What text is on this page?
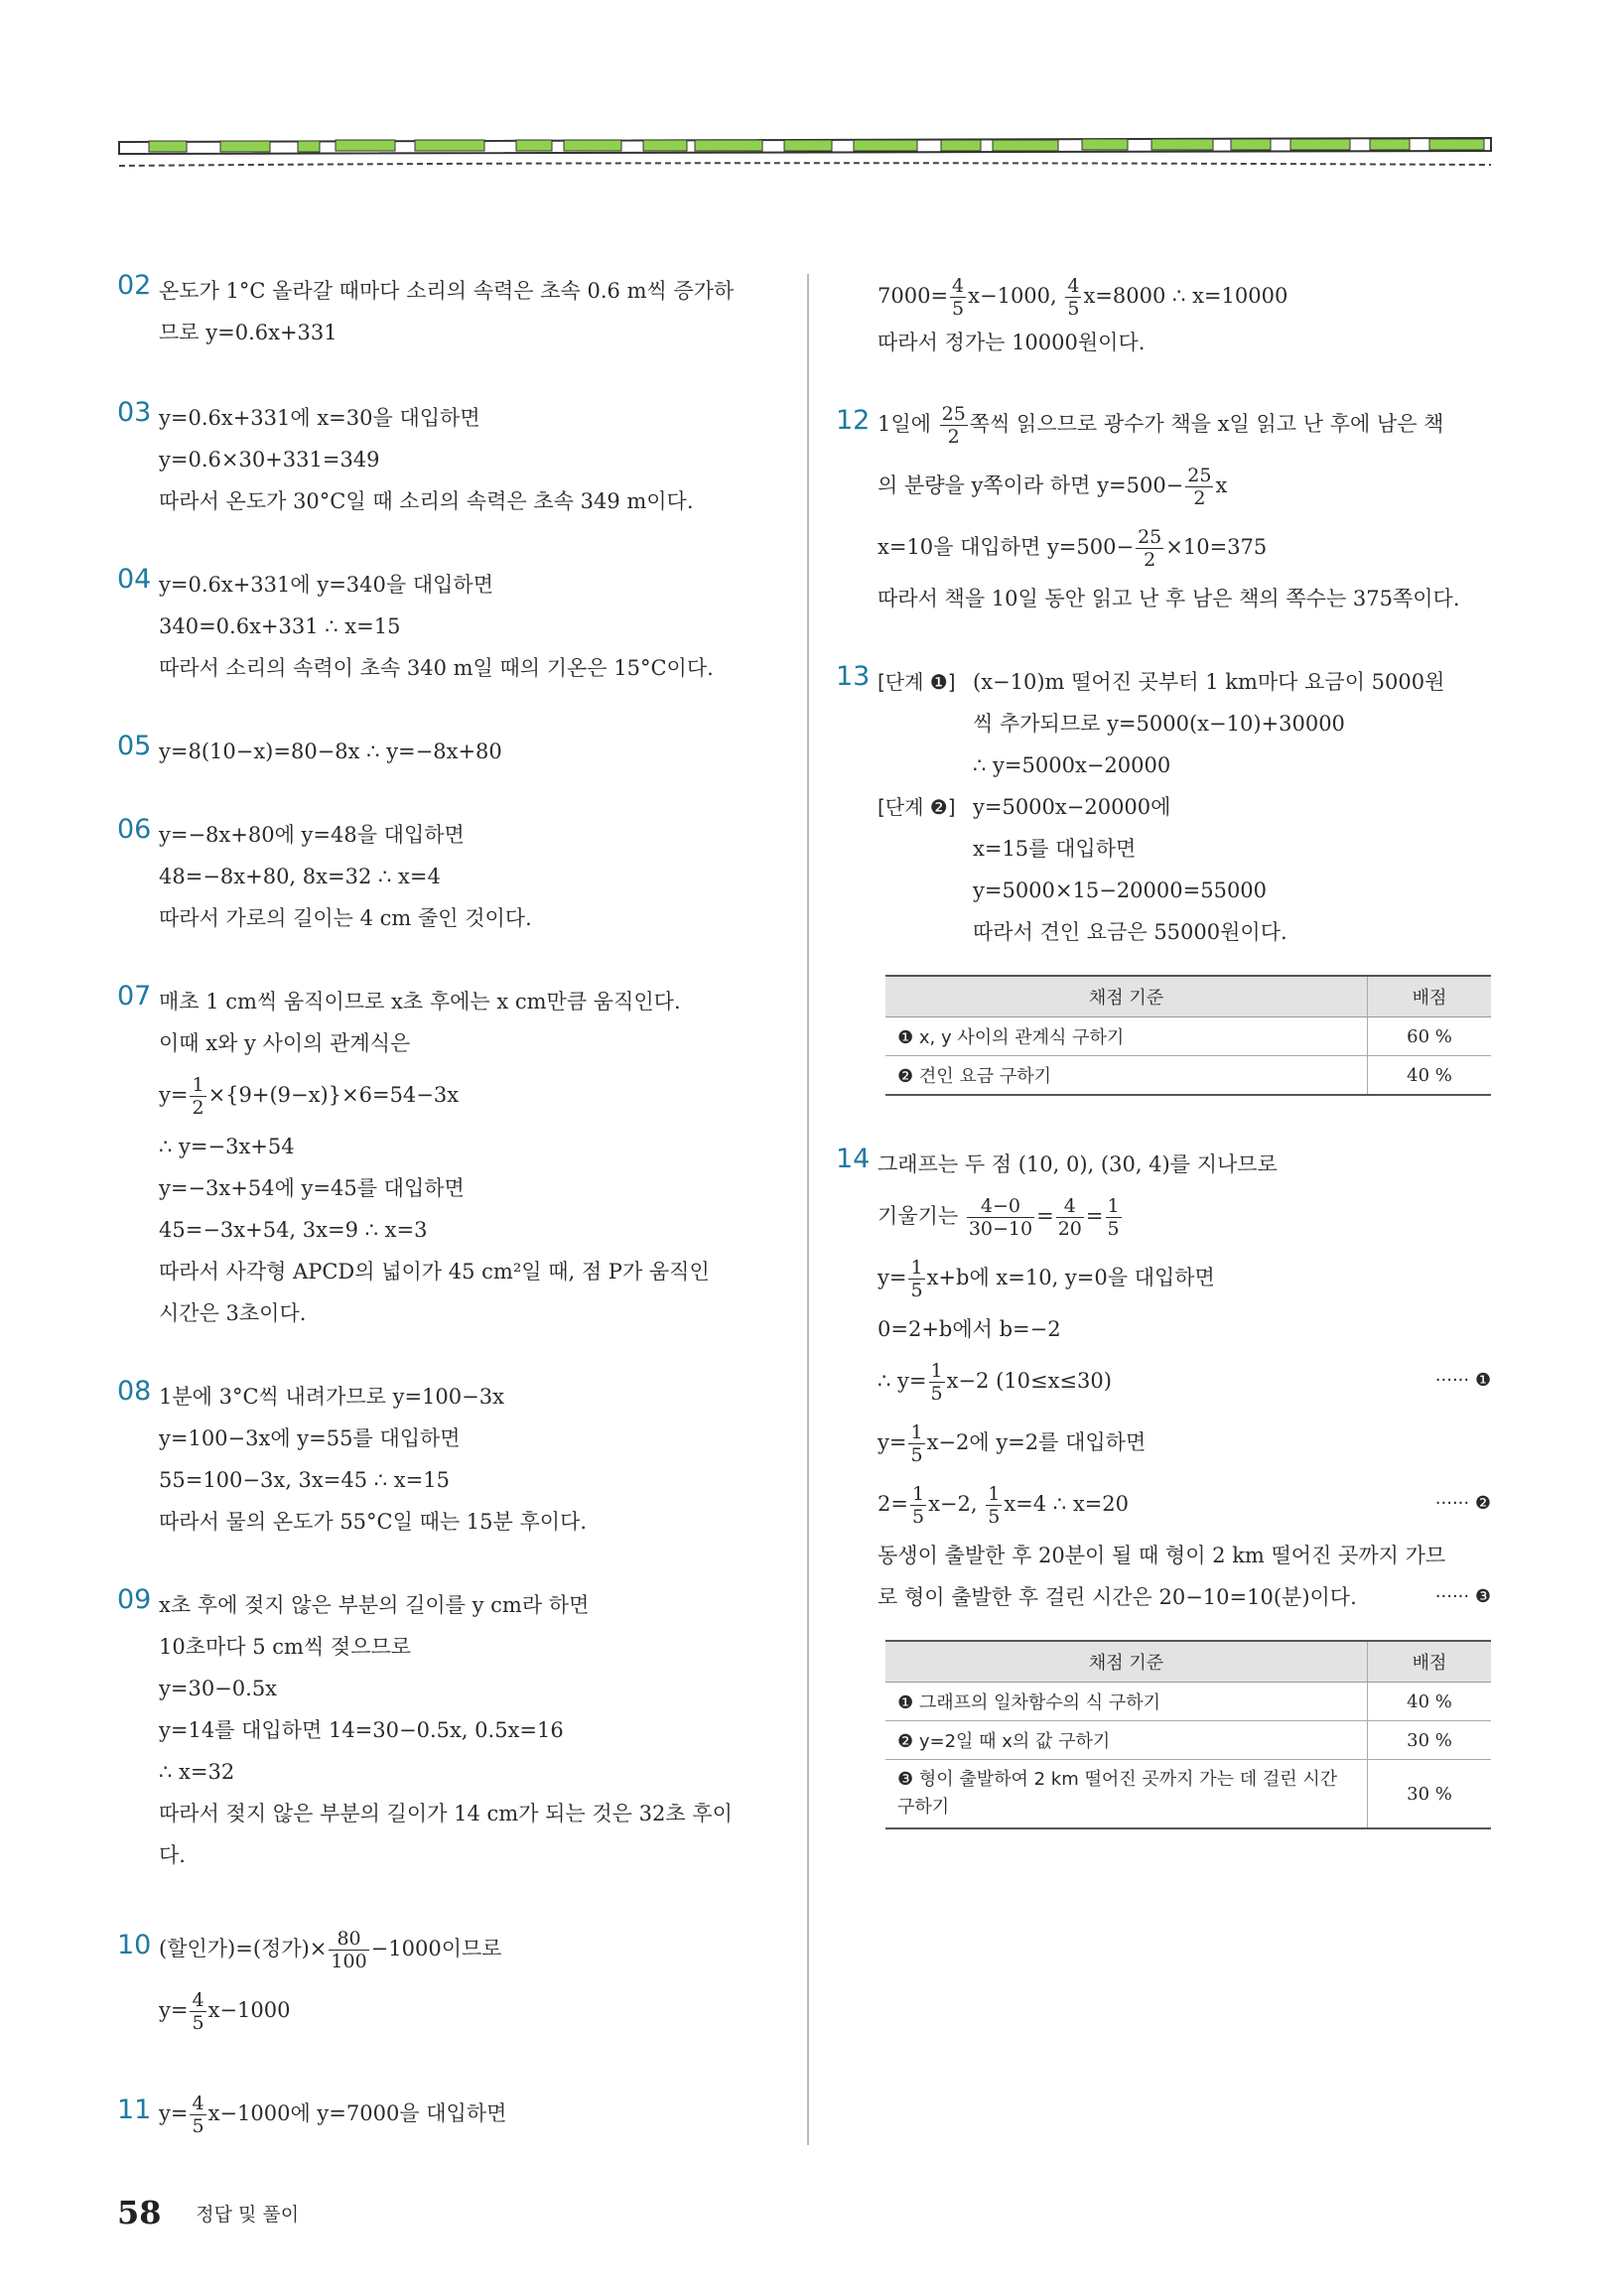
02 온도가 1°C 올라갈 때마다 소리의 속력은 초속 0.6 m씩 증가하
므로 y=0.6x+331
03 y=0.6x+331에 x=30을 대입하면
y=0.6×30+331=349
따라서 온도가 30°C일 때 소리의 속력은 초속 349 m이다.
04 y=0.6x+331에 y=340을 대입하면
340=0.6x+331 ∴ x=15
따라서 소리의 속력이 초속 340 m일 때의 기온은 15°C이다.
05 y=8(10−x)=80−8x ∴ y=−8x+80
06 y=−8x+80에 y=48을 대입하면
48=−8x+80, 8x=32 ∴ x=4
따라서 가로의 길이는 4 cm 줄인 것이다.
07 매초 1 cm씩 움직이므로 x초 후에는 x cm만큼 움직인다.
이때 x와 y 사이의 관계식은
$y= \frac{1}{2} \times\{9+(9-x)\}\times 6=54-3x$
∴ y=−3x+54
y=−3x+54에 y=45를 대입하면
45=−3x+54, 3x=9 ∴ x=3
따라서 사각형 APCD의 넓이가 45 cm²일 때, 점 P가 움직인
시간은 3초이다.
08 1분에 3°C씩 내려가므로 y=100−3x
y=100−3x에 y=55를 대입하면
55=100−3x, 3x=45 ∴ x=15
따라서 물의 온도가 55°C일 때는 15분 후이다.
09 x초 후에 젖지 않은 부분의 길이를 y cm라 하면
10초마다 5 cm씩 젖으므로
y=30−0.5x
y=14를 대입하면 14=30−0.5x, 0.5x=16
∴ x=32
따라서 젖지 않은 부분의 길이가 14 cm가 되는 것은 32초 후이
다.
10 (할인가)=(정가)× $\frac{80}{100} -1000$이므로
$y= \frac{4}{5} x-1000$
11 $y= \frac{4}{5} x-1000$에 y=7000을 대입하면
$7000= \frac{4}{5} x-1000$, $\frac{4}{5} x=8000$ ∴ x=10000
따라서 정가는 10000원이다.
12 1일에 $\frac{25}{2}$ 쪽씩 읽으므로 광수가 책을 x일 읽고 난 후에 남은 책
의 분량을 y쪽이라 하면 $y=500- \frac{25}{2}$ x
x=10을 대입하면 $y=500- \frac{25}{2} \times 10=375$
따라서 책을 10일 동안 읽고 난 후 남은 책의 쪽수는 375쪽이다.
13 [단계 ❶] (x−10)m 떨어진 곳부터 1 km마다 요금이 5000원
씩 추가되므로 y=5000(x−10)+30000
∴ y=5000x−20000
[단계 ❷] y=5000x−20000에
x=15를 대입하면
y=5000×15−20000=55000
따라서 견인 요금은 55000원이다.
채점 기준	배점
❶ x, y 사이의 관계식 구하기	60 %
❷ 견인 요금 구하기	40 %
14 그래프는 두 점 (10, 0), (30, 4)를 지나므로
기울기는 $\frac{4-0}{30-10} = \frac{4}{20} = \frac{1}{5}$
$y= \frac{1}{5} x+b$에 x=10, y=0을 대입하면
0=2+b에서 b=−2
∴ $y= \frac{1}{5} x-2$ (10≤x≤30)	······ ❶
$y= \frac{1}{5} x-2$에 y=2를 대입하면
$2= \frac{1}{5} x-2$, $\frac{1}{5} x=4$ ∴ x=20	······ ❷
동생이 출발한 후 20분이 될 때 형이 2 km 떨어진 곳까지 가므
로 형이 출발한 후 걸린 시간은 20−10=10(분)이다.	······ ❸
채점 기준	배점
❶ 그래프의 일차함수의 식 구하기	40 %
❷ y=2일 때 x의 값 구하기	30 %
❸ 형이 출발하여 2 km 떨어진 곳까지 가는 데 걸린 시간 구하기	30 %
58 정답 및 풀이
